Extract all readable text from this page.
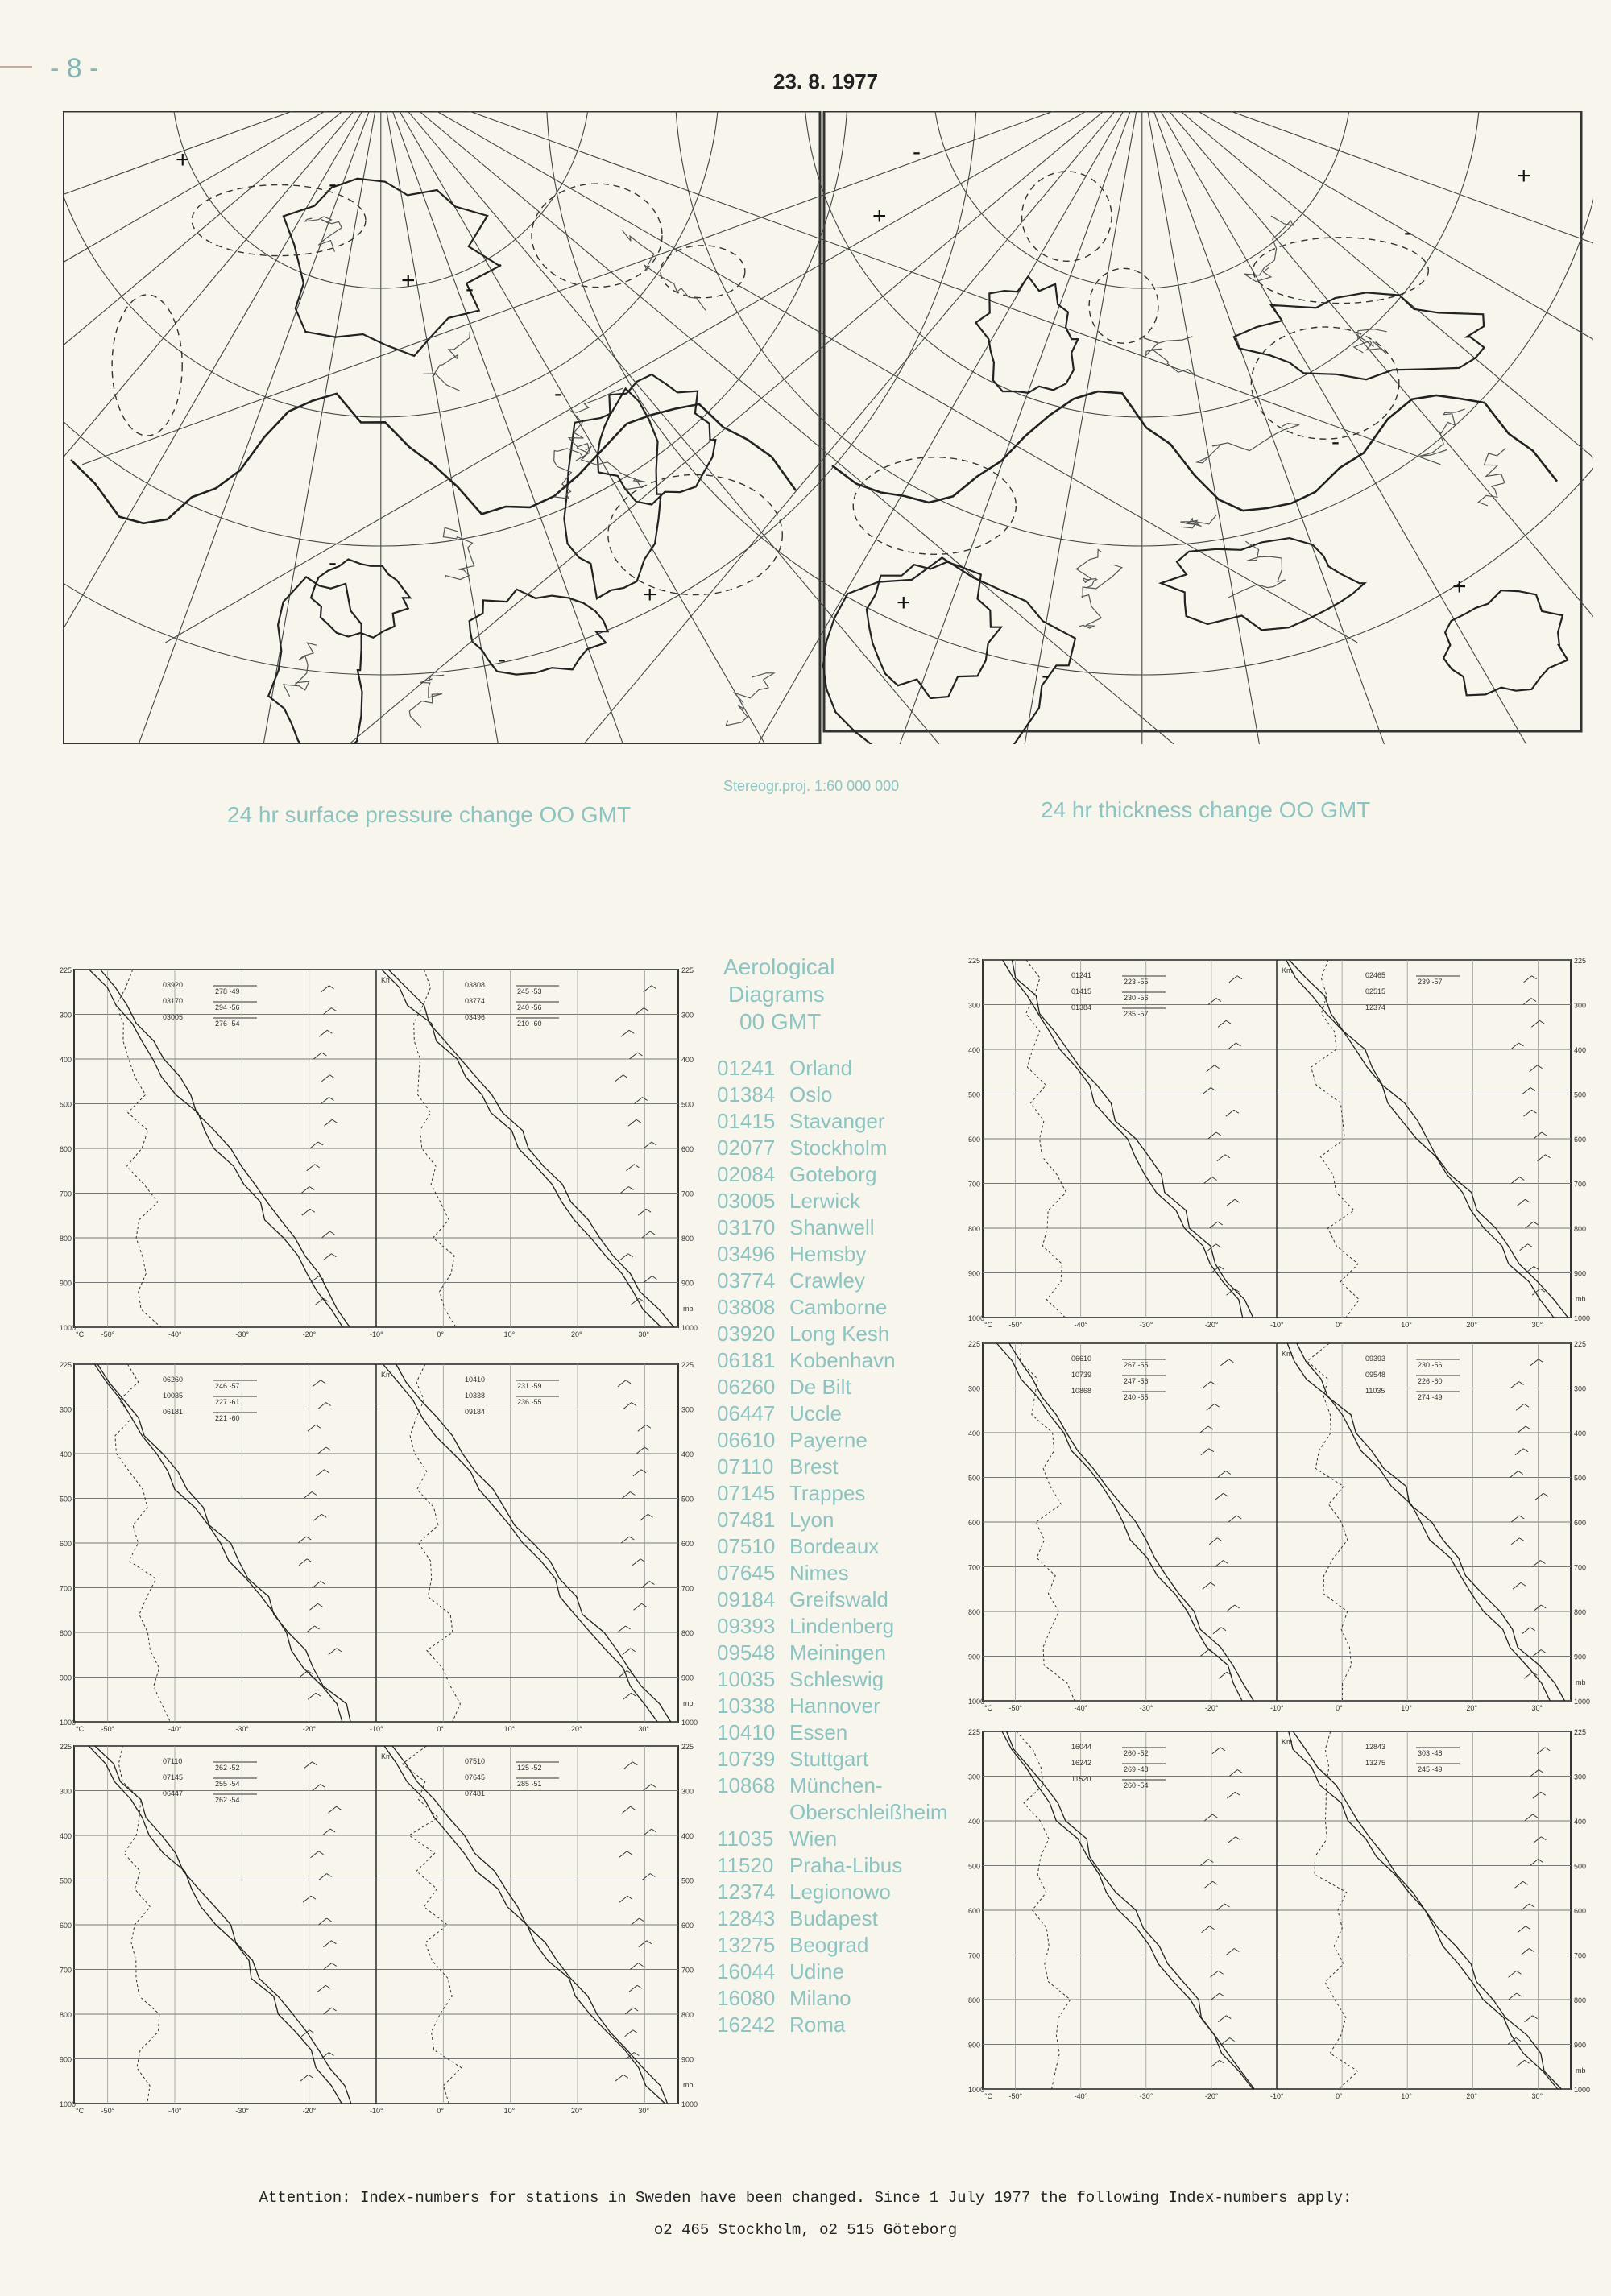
- 8 -	23. 8. 1977
+
-
+ -
-
+
-
-
-
+
-
+
-
+
+
-
Stereogr.proj. 1:60 000 000
24 hr surface pressure change OO GMT	24 hr thickness change OO GMT
225	225
300	300
400	400
500	500
600	600
700	700
800	800
900	900
1000	1000
-50°	-40°	-30°	-20°	-10°	0°	10°	20°	30°
mb
°C
Km
03920
03170
03005
03808
03774
03496
278 -49
294 -56
276 -54
245 -53
240 -56
210 -60
225	225
300	300
400	400
500	500
600	600
700	700
800	800
900	900
1000	1000
-50°	-40°	-30°	-20°	-10°	0°	10°	20°	30°
mb
°C
Km
06260
10035
06181
10410
10338
09184
246 -57
227 -61
221 -60
231 -59
236 -55
225	225
300	300
400	400
500	500
600	600
700	700
800	800
900	900
1000	1000
-50°	-40°	-30°	-20°	-10°	0°	10°	20°	30°
mb
°C
Km
07110
07145
06447
07510
07645
07481
262 -52
255 -54
262 -54
125 -52
285 -51
225	225
300	300
400	400
500	500
600	600
700	700
800	800
900	900
1000	1000
-50°	-40°	-30°	-20°	-10°	0°	10°	20°	30°
mb
°C
Km
01241
01415
01384
02465
02515
12374
223 -55
230 -56
235 -57
239 -57
225	225
300	300
400	400
500	500
600	600
700	700
800	800
900	900
1000	1000
-50°	-40°	-30°	-20°	-10°	0°	10°	20°	30°
mb
°C
Km
06610
10739
10868
09393
09548
11035
267 -55
247 -56
240 -55
230 -56
226 -60
274 -49
225	225
300	300
400	400
500	500
600	600
700	700
800	800
900	900
1000	1000
-50°	-40°	-30°	-20°	-10°	0°	10°	20°	30°
mb
°C
Km
16044
16242
11520
12843
13275
260 -52
269 -48
260 -54
303 -48
245 -49
Aerological
Diagrams
00 GMT
01241 Orland
01384 Oslo
01415 Stavanger
02077 Stockholm
02084 Goteborg
03005 Lerwick
03170 Shanwell
03496 Hemsby
03774 Crawley
03808 Camborne
03920 Long Kesh
06181 Kobenhavn
06260 De Bilt
06447 Uccle
06610 Payerne
07110 Brest
07145 Trappes
07481 Lyon
07510 Bordeaux
07645 Nimes
09184 Greifswald
09393 Lindenberg
09548 Meiningen
10035 Schleswig
10338 Hannover
10410 Essen
10739 Stuttgart
10868 München-
Oberschleißheim
11035 Wien
11520 Praha-Libus
12374 Legionowo
12843 Budapest
13275 Beograd
16044 Udine
16080 Milano
16242 Roma
Attention: Index-numbers for stations in Sweden have been changed. Since 1 July 1977 the following Index-numbers apply:
o2 465 Stockholm, o2 515 Göteborg
